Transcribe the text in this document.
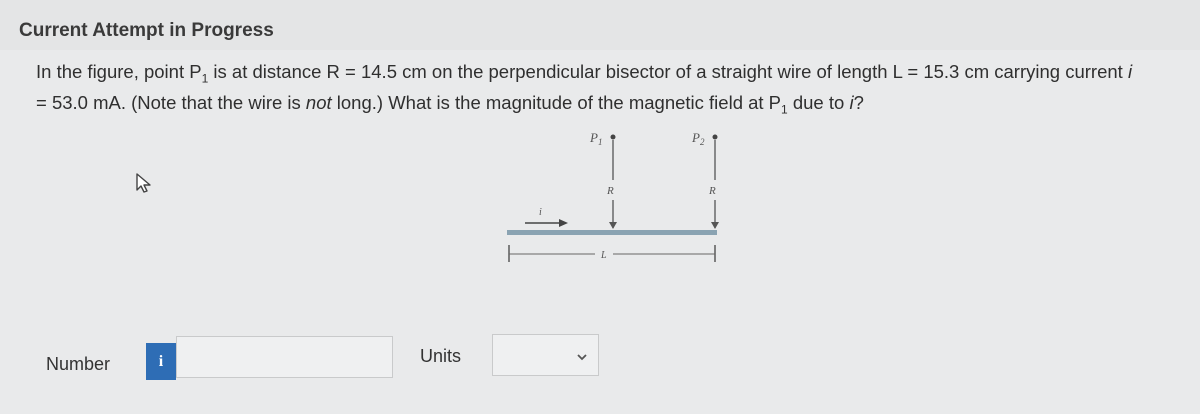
Current Attempt in Progress
In the figure, point $P_1$ is at distance R = 14.5 cm on the perpendicular bisector of a straight wire of length L = 15.3 cm carrying current i
= 53.0 mA. (Note that the wire is not long.) What is the magnitude of the magnetic field at $P_1$ due to i?
$P_1$
R
$P_2$
R
i
L
Number	i	Units
